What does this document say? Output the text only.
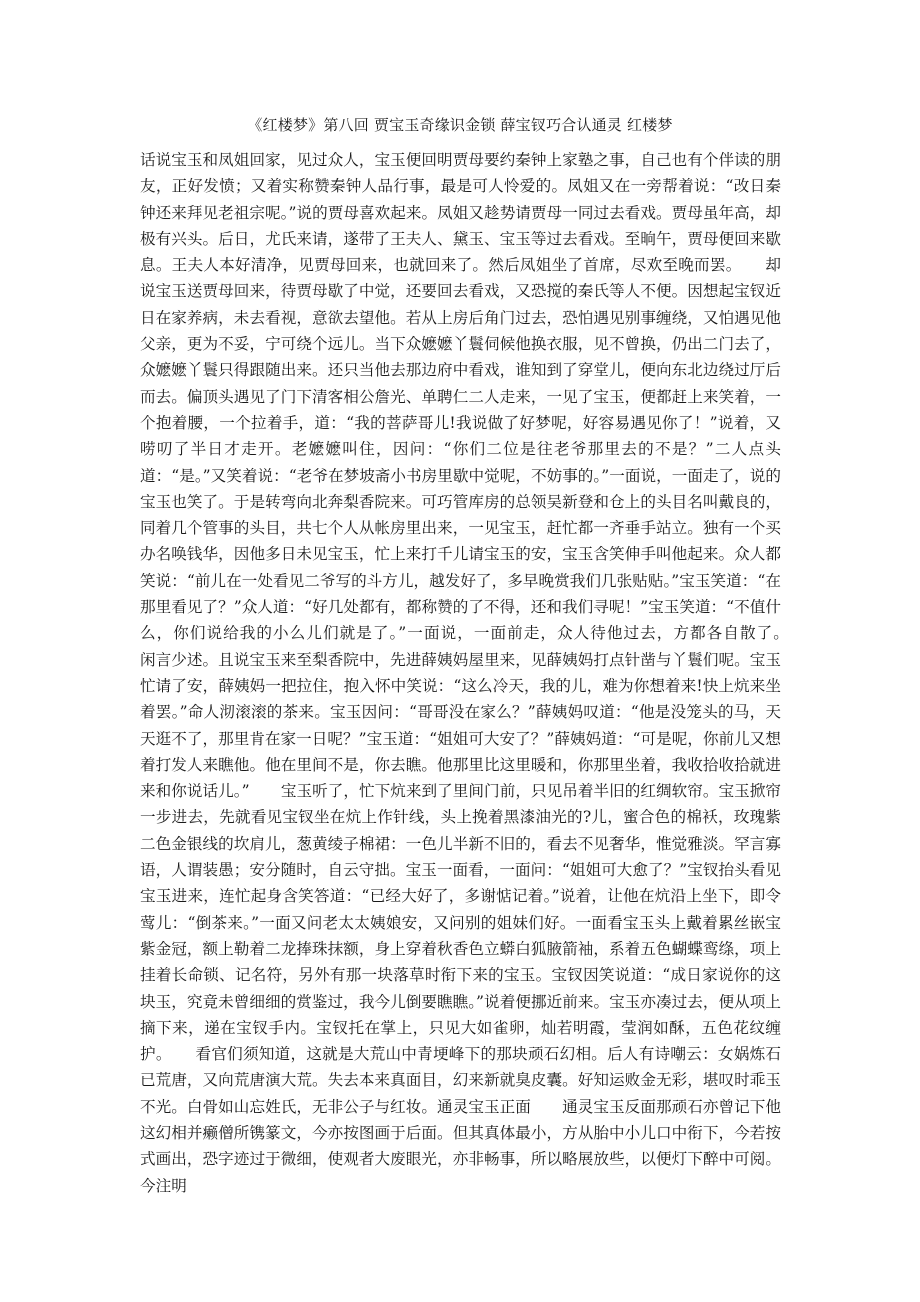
《红楼梦》第八回 贾宝玉奇缘识金锁 薛宝钗巧合认通灵 红楼梦

话说宝玉和凤姐回家，见过众人，宝玉便回明贾母要约秦钟上家塾之事，自己也有个伴读的朋友，正好发愤；又着实称赞秦钟人品行事，最是可人怜爱的。凤姐又在一旁帮着说：“改日秦钟还来拜见老祖宗呢。”说的贾母喜欢起来。凤姐又趁势请贾母一同过去看戏。贾母虽年高，却极有兴头。后日，尤氏来请，遂带了王夫人、黛玉、宝玉等过去看戏。至晌午，贾母便回来歇息。王夫人本好清净，见贾母回来，也就回来了。然后凤姐坐了首席，尽欢至晚而罢。　　却说宝玉送贾母回来，待贾母歇了中觉，还要回去看戏，又恐搅的秦氏等人不便。因想起宝钗近日在家养病，未去看视，意欲去望他。若从上房后角门过去，恐怕遇见别事缠绕，又怕遇见他父亲，更为不妥，宁可绕个远儿。当下众嬷嬷丫鬟伺候他换衣服，见不曾换，仍出二门去了，众嬷嬷丫鬟只得跟随出来。还只当他去那边府中看戏，谁知到了穿堂儿，便向东北边绕过厅后而去。偏顶头遇见了门下清客相公詹光、单聘仁二人走来，一见了宝玉，便都赶上来笑着，一个抱着腰，一个拉着手，道：“我的菩萨哥儿!我说做了好梦呢，好容易遇见你了！”说着，又唠叨了半日才走开。老嬷嬷叫住，因问：“你们二位是往老爷那里去的不是？”二人点头道：“是。”又笑着说：“老爷在梦坡斋小书房里歇中觉呢，不妨事的。”一面说，一面走了，说的宝玉也笑了。于是转弯向北奔梨香院来。可巧管库房的总领吴新登和仓上的头目名叫戴良的，同着几个管事的头目，共七个人从帐房里出来，一见宝玉，赶忙都一齐垂手站立。独有一个买办名唤钱华，因他多日未见宝玉，忙上来打千儿请宝玉的安，宝玉含笑伸手叫他起来。众人都笑说：“前儿在一处看见二爷写的斗方儿，越发好了，多早晚赏我们几张贴贴。”宝玉笑道：“在那里看见了？”众人道：“好几处都有，都称赞的了不得，还和我们寻呢！”宝玉笑道：“不值什么，你们说给我的小么儿们就是了。”一面说，一面前走，众人待他过去，方都各自散了。　　闲言少述。且说宝玉来至梨香院中，先进薛姨妈屋里来，见薛姨妈打点针凿与丫鬟们呢。宝玉忙请了安，薛姨妈一把拉住，抱入怀中笑说：“这么冷天，我的儿，难为你想着来!快上炕来坐着罢。”命人沏滚滚的茶来。宝玉因问：“哥哥没在家么？”薛姨妈叹道：“他是没笼头的马，天天逛不了，那里肯在家一日呢？”宝玉道：“姐姐可大安了？”薛姨妈道：“可是呢，你前儿又想着打发人来瞧他。他在里间不是，你去瞧。他那里比这里暖和，你那里坐着，我收拾收拾就进来和你说话儿。”　　宝玉听了，忙下炕来到了里间门前，只见吊着半旧的红绸软帘。宝玉掀帘一步进去，先就看见宝钗坐在炕上作针线，头上挽着黑漆油光的?儿，蜜合色的棉袄，玫瑰紫二色金银线的坎肩儿，葱黄绫子棉裙：一色儿半新不旧的，看去不见奢华，惟觉雅淡。罕言寡语，人谓装愚；安分随时，自云守拙。宝玉一面看，一面问：“姐姐可大愈了？”宝钗抬头看见宝玉进来，连忙起身含笑答道：“已经大好了，多谢惦记着。”说着，让他在炕沿上坐下，即令莺儿：“倒茶来。”一面又问老太太姨娘安，又问别的姐妹们好。一面看宝玉头上戴着累丝嵌宝紫金冠，额上勒着二龙捧珠抹额，身上穿着秋香色立蟒白狐腋箭袖，系着五色蝴蝶鸾绦，项上挂着长命锁、记名符，另外有那一块落草时衔下来的宝玉。宝钗因笑说道：“成日家说你的这块玉，究竟未曾细细的赏鉴过，我今儿倒要瞧瞧。”说着便挪近前来。宝玉亦凑过去，便从项上摘下来，递在宝钗手内。宝钗托在掌上，只见大如雀卵，灿若明霞，莹润如酥，五色花纹缠护。　　看官们须知道，这就是大荒山中青埂峰下的那块顽石幻相。后人有诗嘲云：女娲炼石已荒唐，又向荒唐演大荒。失去本来真面目，幻来新就臭皮囊。好知运败金无彩，堪叹时乖玉不光。白骨如山忘姓氏，无非公子与红妆。通灵宝玉正面　　通灵宝玉反面那顽石亦曾记下他这幻相并癞僧所镌篆文，今亦按图画于后面。但其真体最小，方从胎中小儿口中衔下，今若按式画出，恐字迹过于微细，使观者大废眼光，亦非畅事，所以略展放些，以便灯下醉中可阅。今注明
